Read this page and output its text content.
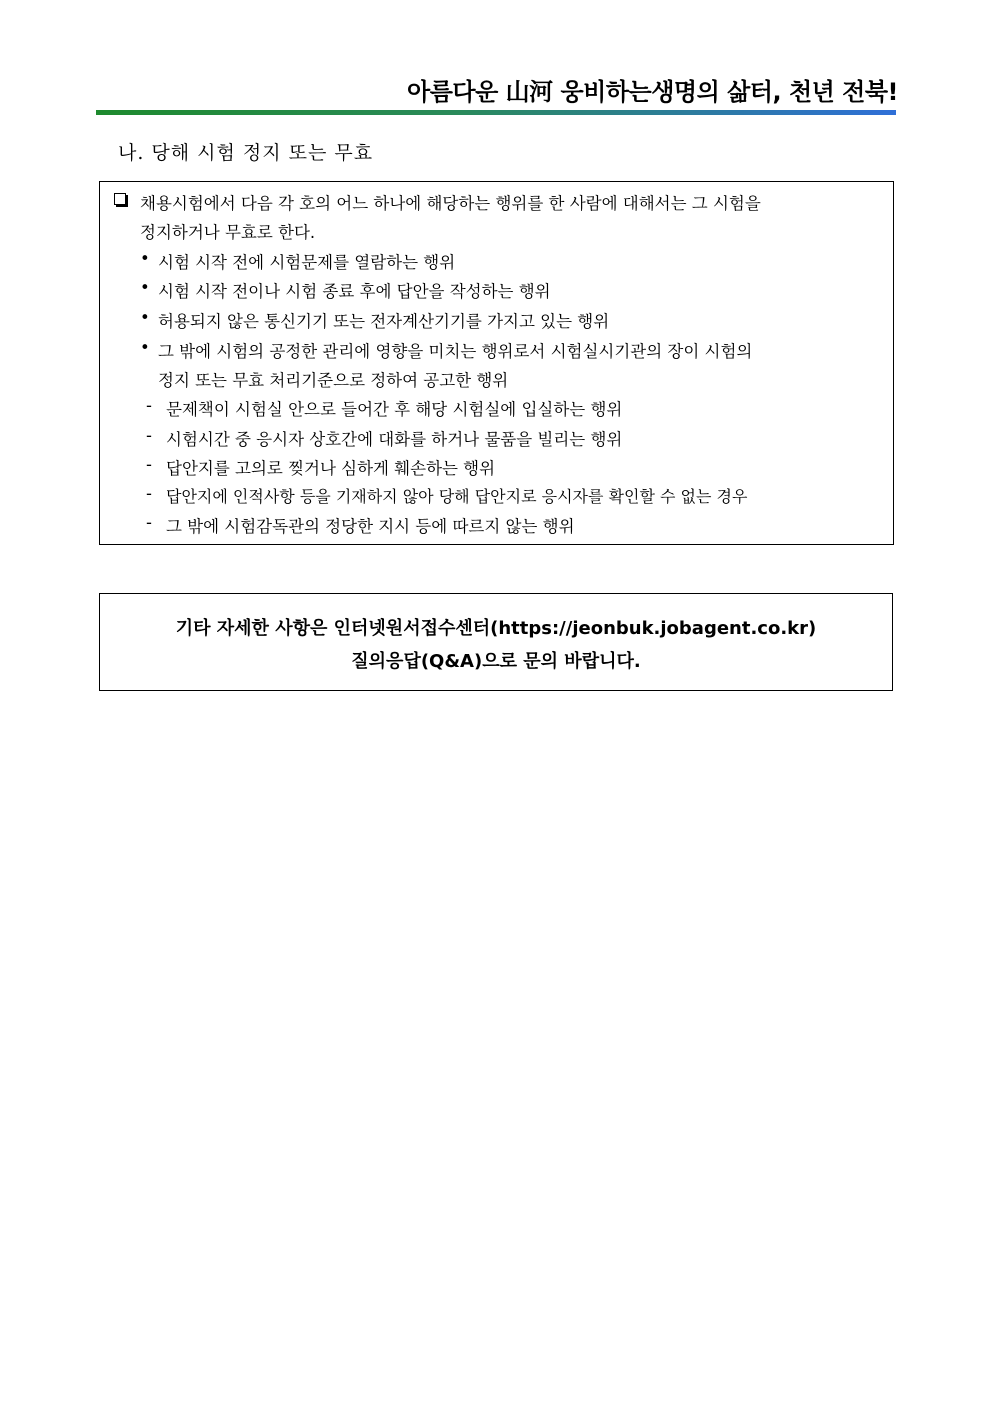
아름다운 山河 웅비하는생명의 삶터, 천년 전북!
나. 당해 시험 정지 또는 무효
채용시험에서 다음 각 호의 어느 하나에 해당하는 행위를 한 사람에 대해서는 그 시험을
정지하거나 무효로 한다.
• 시험 시작 전에 시험문제를 열람하는 행위
• 시험 시작 전이나 시험 종료 후에 답안을 작성하는 행위
• 허용되지 않은 통신기기 또는 전자계산기기를 가지고 있는 행위
• 그 밖에 시험의 공정한 관리에 영향을 미치는 행위로서 시험실시기관의 장이 시험의
정지 또는 무효 처리기준으로 정하여 공고한 행위
- 문제책이 시험실 안으로 들어간 후 해당 시험실에 입실하는 행위
- 시험시간 중 응시자 상호간에 대화를 하거나 물품을 빌리는 행위
- 답안지를 고의로 찢거나 심하게 훼손하는 행위
- 답안지에 인적사항 등을 기재하지 않아 당해 답안지로 응시자를 확인할 수 없는 경우
- 그 밖에 시험감독관의 정당한 지시 등에 따르지 않는 행위
기타 자세한 사항은 인터넷원서접수센터(https://jeonbuk.jobagent.co.kr)
질의응답(Q&A)으로 문의 바랍니다.
